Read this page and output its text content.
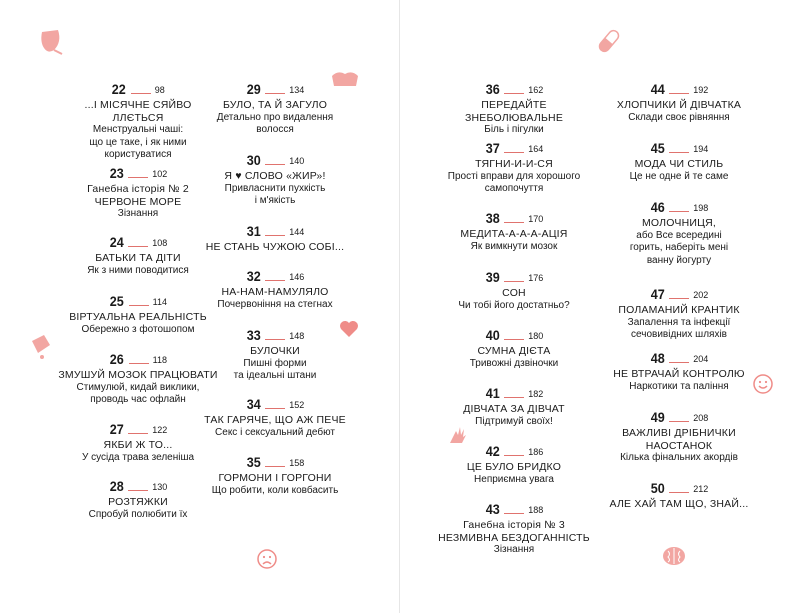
22	98
...І МІСЯЧНЕ СЯЙВО ЛЛЄТЬСЯ
Менструальні чаші:
що це таке, і як ними
користуватися
23	102
Ганебна історія № 2
ЧЕРВОНЕ МОРЕ
Зізнання
24	108
БАТЬКИ ТА ДІТИ
Як з ними поводитися
25	114
ВІРТУАЛЬНА РЕАЛЬНІСТЬ
Обережно з фотошопом
26	118
ЗМУШУЙ МОЗОК ПРАЦЮВАТИ
Стимулюй, кидай виклики,
проводь час офлайн
27	122
ЯКБИ Ж ТО...
У сусіда трава зеленіша
28	130
РОЗТЯЖКИ
Спробуй полюбити їх
29	134
БУЛО, ТА Й ЗАГУЛО
Детально про видалення
волосся
30	140
Я ♥ СЛОВО «ЖИР»!
Привласнити пухкість
і м'якість
31	144
НЕ СТАНЬ ЧУЖОЮ СОБІ...
32	146
НА-НАМ-НАМУЛЯЛО
Почервоніння на стегнах
33	148
БУЛОЧКИ
Пишні форми
та ідеальні штани
34	152
ТАК ГАРЯЧЕ, ЩО АЖ ПЕЧЕ
Секс і сексуальний дебют
35	158
ГОРМОНИ І ГОРГОНИ
Що робити, коли ковбасить
36	162
ПЕРЕДАЙТЕ ЗНЕБОЛЮВАЛЬНЕ
Біль і пігулки
37	164
ТЯГНИ-И-И-СЯ
Прості вправи для хорошого
самопочуття
38	170
МЕДИТА-А-А-А-АЦІЯ
Як вимкнути мозок
39	176
СОН
Чи тобі його достатньо?
40	180
СУМНА ДІЄТА
Тривожні дзвіночки
41	182
ДІВЧАТА ЗА ДІВЧАТ
Підтримуй своїх!
42	186
ЦЕ БУЛО БРИДКО
Неприємна увага
43	188
Ганебна історія № 3
НЕЗМИВНА БЕЗДОГАННІСТЬ
Зізнання
44	192
ХЛОПЧИКИ Й ДІВЧАТКА
Склади своє рівняння
45	194
МОДА ЧИ СТИЛЬ
Це не одне й те саме
46	198
МОЛОЧНИЦЯ,
або Все всередині
горить, наберіть мені
ванну йогурту
47	202
ПОЛАМАНИЙ КРАНТИК
Запалення та інфекції
сечовивідних шляхів
48	204
НЕ ВТРАЧАЙ КОНТРОЛЮ
Наркотики та паління
49	208
ВАЖЛИВІ ДРІБНИЧКИ
НАОСТАНОК
Кілька фінальних акордів
50	212
АЛЕ ХАЙ ТАМ ЩО, ЗНАЙ...
